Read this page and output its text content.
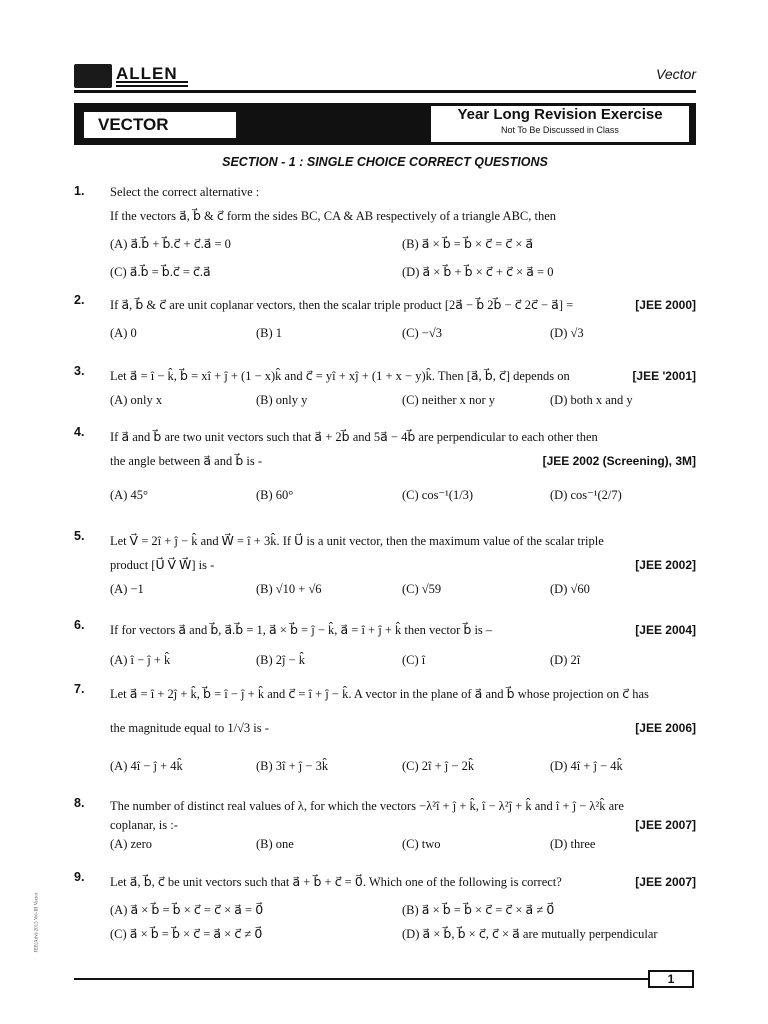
ALLEN	Vector
VECTOR
Year Long Revision Exercise
Not To Be Discussed in Class
SECTION - 1 : SINGLE CHOICE CORRECT QUESTIONS
1. Select the correct alternative :
If the vectors a⃗, b⃗ & c⃗ form the sides BC, CA & AB respectively of a triangle ABC, then
(A) a⃗.b⃗ + b⃗.c⃗ + c⃗.a⃗ = 0	(B) a⃗ × b⃗ = b⃗ × c⃗ = c⃗ × a⃗
(C) a⃗.b⃗ = b⃗.c⃗ = c⃗.a⃗	(D) a⃗ × b⃗ + b⃗ × c⃗ + c⃗ × a⃗ = 0
2.	[JEE 2000]
If a⃗, b⃗ & c⃗ are unit coplanar vectors, then the scalar triple product [2a⃗ − b⃗ 2b⃗ − c⃗ 2c⃗ − a⃗] =
(A) 0	(B) 1	(C) −√3	(D) √3
3.	[JEE '2001]
Let a⃗ = î − k̂, b⃗ = xî + ĵ + (1 − x)k̂ and c⃗ = yî + xĵ + (1 + x − y)k̂. Then [a⃗, b⃗, c⃗] depends on
(A) only x	(B) only y	(C) neither x nor y	(D) both x and y
4. If a⃗ and b⃗ are two unit vectors such that a⃗ + 2b⃗ and 5a⃗ − 4b⃗ are perpendicular to each other then
[JEE 2002 (Screening), 3M]
the angle between a⃗ and b⃗ is -
(A) 45°	(B) 60°	(C) cos⁻¹(1/3)	(D) cos⁻¹(2/7)
5. Let V⃗ = 2î + ĵ − k̂ and W⃗ = î + 3k̂. If U⃗ is a unit vector, then the maximum value of the scalar triple
[JEE 2002]
product [U⃗ V⃗ W⃗] is -
(A) −1	(B) √10 + √6	(C) √59	(D) √60
6.	[JEE 2004]
If for vectors a⃗ and b⃗, a⃗.b⃗ = 1, a⃗ × b⃗ = ĵ − k̂, a⃗ = î + ĵ + k̂ then vector b⃗ is –
(A) î − ĵ + k̂	(B) 2ĵ − k̂	(C) î	(D) 2î
7. Let a⃗ = î + 2ĵ + k̂, b⃗ = î − ĵ + k̂ and c⃗ = î + ĵ − k̂. A vector in the plane of a⃗ and b⃗ whose projection on c⃗ has
[JEE 2006]
the magnitude equal to 1/√3 is -
(A) 4î − ĵ + 4k̂	(B) 3î + ĵ − 3k̂	(C) 2î + ĵ − 2k̂	(D) 4î + ĵ − 4k̂
8. The number of distinct real values of λ, for which the vectors −λ²î + ĵ + k̂, î − λ²ĵ + k̂ and î + ĵ − λ²k̂ are
[JEE 2007]
coplanar, is :-
(A) zero	(B) one	(C) two	(D) three
9.	[JEE 2007]
Let a⃗, b⃗, c⃗ be unit vectors such that a⃗ + b⃗ + c⃗ = 0⃗. Which one of the following is correct?
(A) a⃗ × b⃗ = b⃗ × c⃗ = c⃗ × a⃗ = 0⃗	(B) a⃗ × b⃗ = b⃗ × c⃗ = c⃗ × a⃗ ≠ 0⃗
(C) a⃗ × b⃗ = b⃗ × c⃗ = a⃗ × c⃗ ≠ 0⃗	(D) a⃗ × b⃗, b⃗ × c⃗, c⃗ × a⃗ are mutually perpendicular
JEE(Adv) 2013 Vol-III Vector
1
